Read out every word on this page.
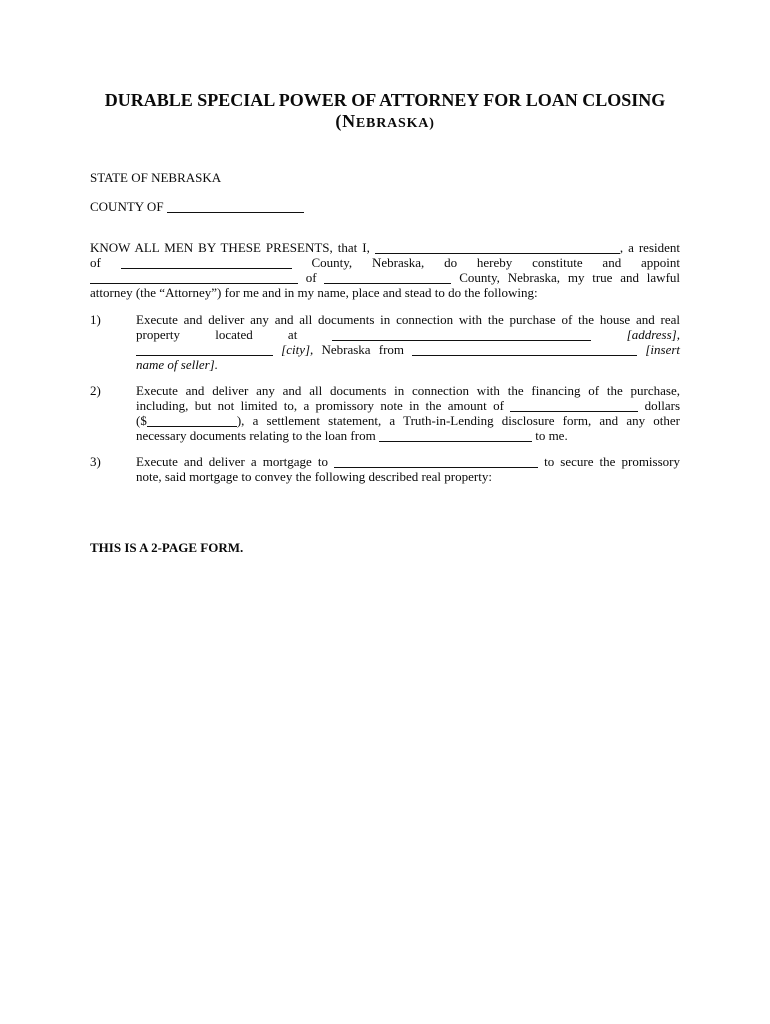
DURABLE SPECIAL POWER OF ATTORNEY FOR LOAN CLOSING
(NEBRASKA)
STATE OF NEBRASKA
COUNTY OF
KNOW ALL MEN BY THESE PRESENTS, that I,	, a resident
of	County, Nebraska, do hereby constitute and appoint
of	County, Nebraska, my true and lawful
attorney (the “Attorney”) for me and in my name, place and stead to do the following:
1)	Execute and deliver any and all documents in connection with the purchase of the house and real
property located at	[address],
[city], Nebraska from	[insert
name of seller].
2)	Execute and deliver any and all documents in connection with the financing of the purchase,
including, but not limited to, a promissory note in the amount of	dollars
($	), a settlement statement, a Truth-in-Lending disclosure form, and any other
necessary documents relating to the loan from	to me.
3)	Execute and deliver a mortgage to	to secure the promissory
note, said mortgage to convey the following described real property:
THIS IS A 2-PAGE FORM.
